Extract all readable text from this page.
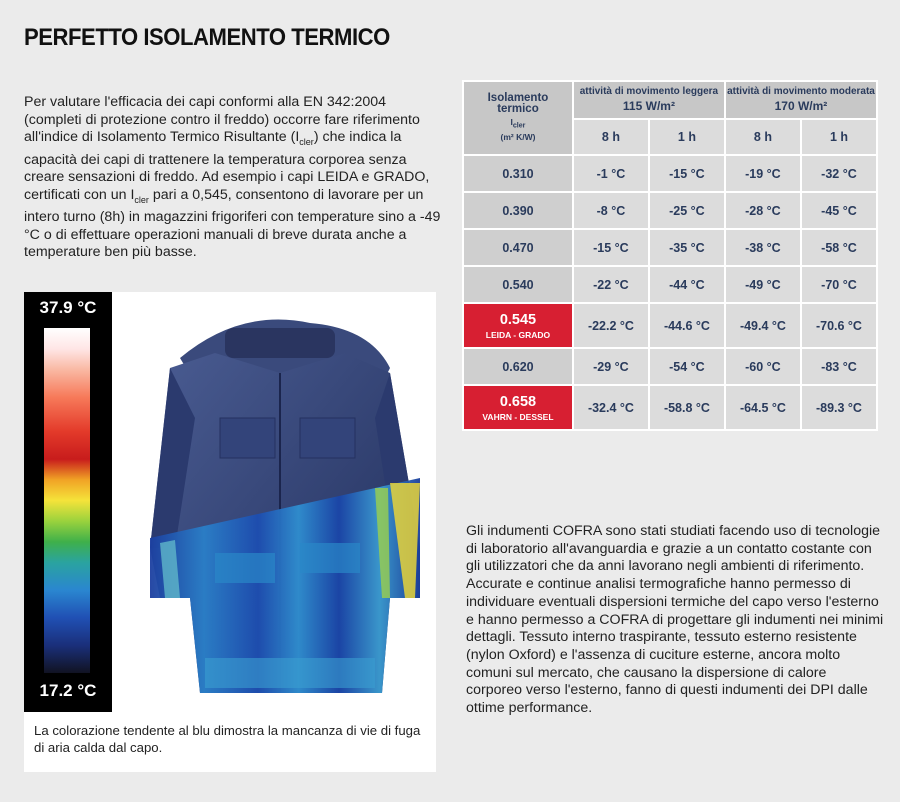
PERFETTO ISOLAMENTO TERMICO
Per valutare l'efficacia dei capi conformi alla EN 342:2004 (completi di protezione contro il freddo) occorre fare riferimento all'indice di Isolamento Termico Risultante $(I_{cler})$ che indica la capacità dei capi di trattenere la temperatura corporea senza creare sensazioni di freddo. Ad esempio i capi LEIDA e GRADO, certificati con un $I_{cler}$ pari a 0,545, consentono di lavorare per un intero turno (8h) in magazzini frigoriferi con temperature sino a -49 °C o di effettuare operazioni manuali di breve durata anche a temperature ben più basse.
37.9 °C
17.2 °C
La colorazione tendente al blu dimostra la mancanza di vie di fuga di aria calda dal capo.
Isolamento
termico

$I_{cler}$
(m² K/W)	attività di movimento leggera
115 W/m²		attività di movimento moderata
170 W/m²	
	8 h	1 h	8 h	1 h
0.310	-1 °C	-15 °C	-19 °C	-32 °C
0.390	-8 °C	-25 °C	-28 °C	-45 °C
0.470	-15 °C	-35 °C	-38 °C	-58 °C
0.540	-22 °C	-44 °C	-49 °C	-70 °C

0.545
LEIDA - GRADO	-22.2 °C	-44.6 °C	-49.4 °C	-70.6 °C
0.620	-29 °C	-54 °C	-60 °C	-83 °C

0.658
VAHRN - DESSEL	-32.4 °C	-58.8 °C	-64.5 °C	-89.3 °C
Gli indumenti COFRA sono stati studiati facendo uso di tecnologie di laboratorio all'avanguardia e grazie a un contatto costante con gli utilizzatori che da anni lavorano negli ambienti di riferimento. Accurate e continue analisi termografiche hanno permesso di individuare eventuali dispersioni termiche del capo verso l'esterno e hanno permesso a COFRA di progettare gli indumenti nei minimi dettagli. Tessuto interno traspirante, tessuto esterno resistente (nylon Oxford) e l'assenza di cuciture esterne, ancora molto comuni sul mercato, che causano la dispersione di calore corporeo verso l'esterno, fanno di questi indumenti dei DPI dalle ottime performance.
